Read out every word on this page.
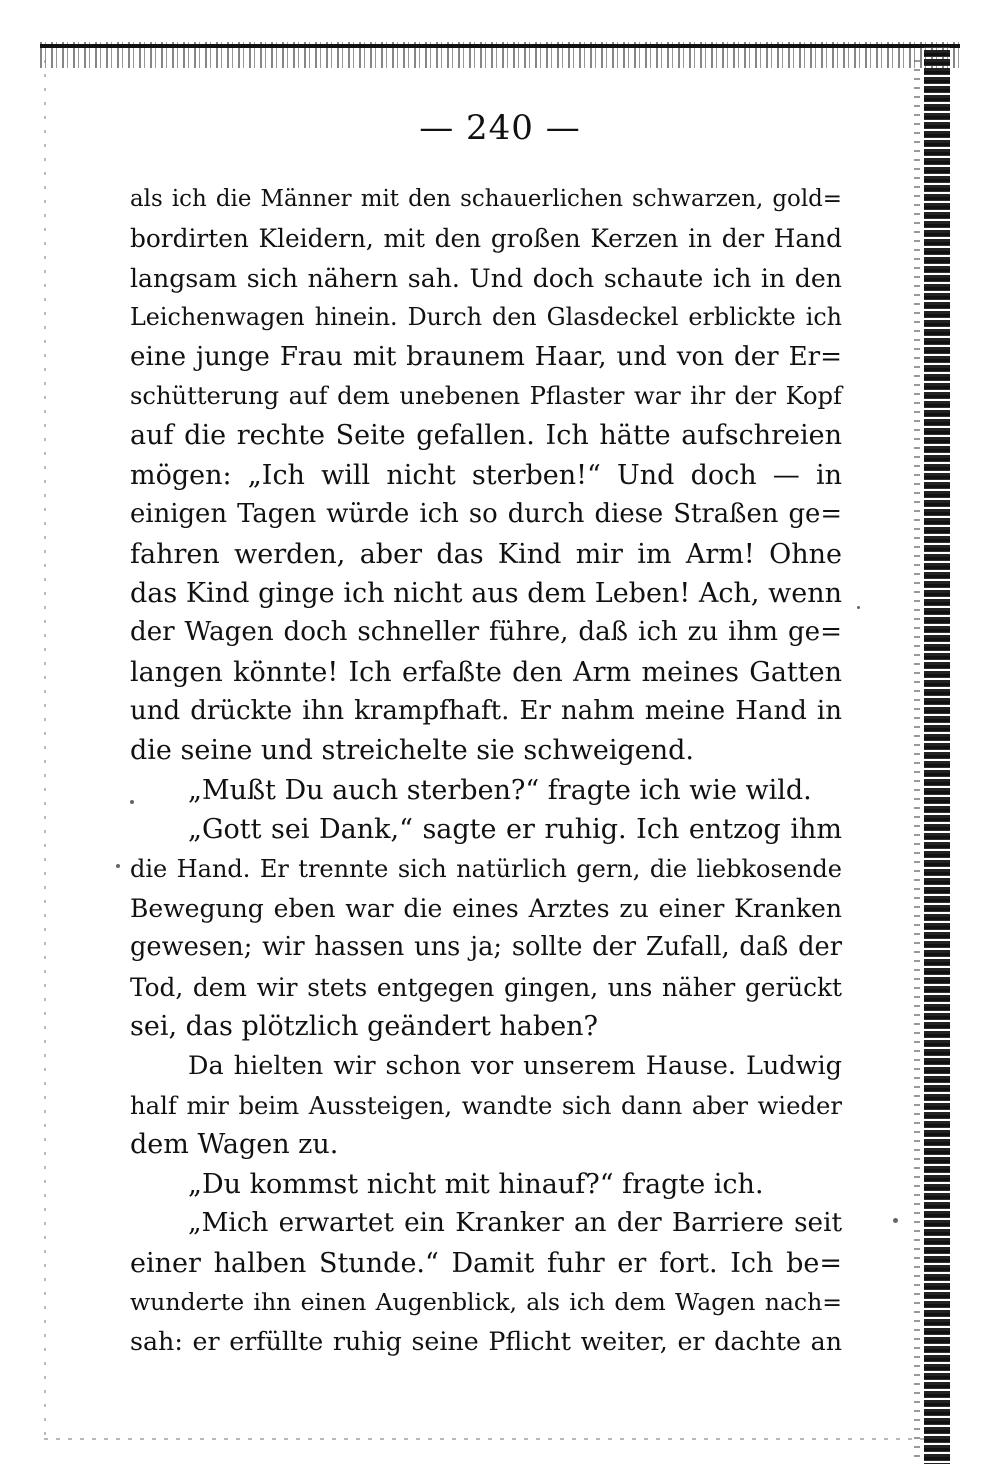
— 240 —
als ich die Männer mit den schauerlichen schwarzen, gold=
bordirten Kleidern, mit den großen Kerzen in der Hand
langsam sich nähern sah. Und doch schaute ich in den
Leichenwagen hinein. Durch den Glasdeckel erblickte ich
eine junge Frau mit braunem Haar, und von der Er=
schütterung auf dem unebenen Pflaster war ihr der Kopf
auf die rechte Seite gefallen. Ich hätte aufschreien
mögen: „Ich will nicht sterben!“ Und doch — in
einigen Tagen würde ich so durch diese Straßen ge=
fahren werden, aber das Kind mir im Arm! Ohne
das Kind ginge ich nicht aus dem Leben! Ach, wenn
der Wagen doch schneller führe, daß ich zu ihm ge=
langen könnte! Ich erfaßte den Arm meines Gatten
und drückte ihn krampfhaft. Er nahm meine Hand in
die seine und streichelte sie schweigend.
„Mußt Du auch sterben?“ fragte ich wie wild.
„Gott sei Dank,“ sagte er ruhig. Ich entzog ihm
die Hand. Er trennte sich natürlich gern, die liebkosende
Bewegung eben war die eines Arztes zu einer Kranken
gewesen; wir hassen uns ja; sollte der Zufall, daß der
Tod, dem wir stets entgegen gingen, uns näher gerückt
sei, das plötzlich geändert haben?
Da hielten wir schon vor unserem Hause. Ludwig
half mir beim Aussteigen, wandte sich dann aber wieder
dem Wagen zu.
„Du kommst nicht mit hinauf?“ fragte ich.
„Mich erwartet ein Kranker an der Barriere seit
einer halben Stunde.“ Damit fuhr er fort. Ich be=
wunderte ihn einen Augenblick, als ich dem Wagen nach=
sah: er erfüllte ruhig seine Pflicht weiter, er dachte an
